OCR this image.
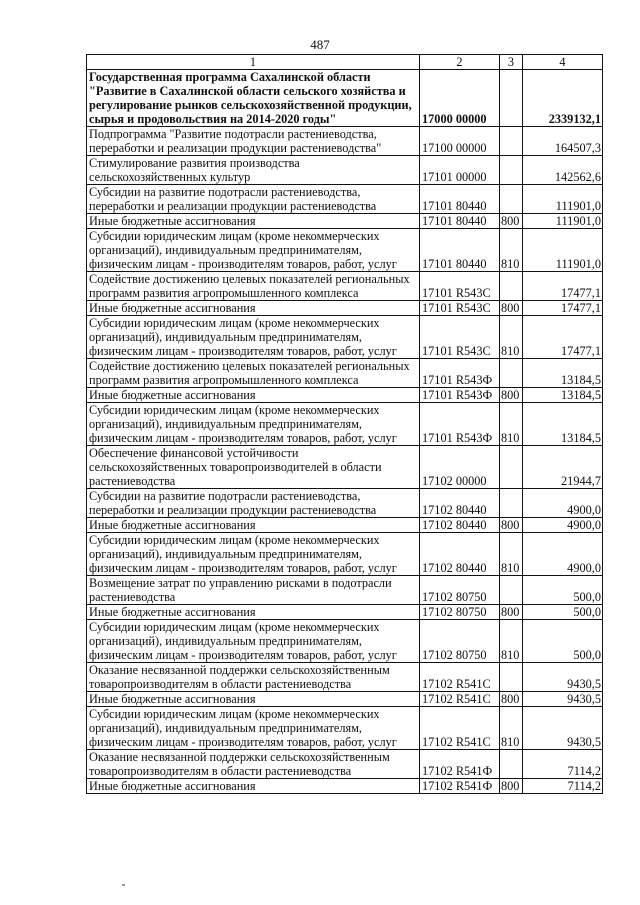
487
1	2	3	4
Государственная программа Сахалинской области "Развитие в Сахалинской области сельского хозяйства и регулирование рынков сельскохозяйственной продукции, сырья и продовольствия на 2014-2020 годы"	17000 00000		2339132,1
Подпрограмма "Развитие подотрасли растениеводства, переработки и реализации продукции растениеводства"	17100 00000		164507,3
Стимулирование развития производства сельскохозяйственных культур	17101 00000		142562,6
Субсидии на развитие подотрасли растениеводства, переработки и реализации продукции растениеводства	17101 80440		111901,0
Иные бюджетные ассигнования	17101 80440	800	111901,0
Субсидии юридическим лицам (кроме некоммерческих организаций), индивидуальным предпринимателям, физическим лицам - производителям товаров, работ, услуг	17101 80440	810	111901,0
Содействие достижению целевых показателей региональных программ развития агропромышленного комплекса	17101 R543С		17477,1
Иные бюджетные ассигнования	17101 R543С	800	17477,1
Субсидии юридическим лицам (кроме некоммерческих организаций), индивидуальным предпринимателям, физическим лицам - производителям товаров, работ, услуг	17101 R543С	810	17477,1
Содействие достижению целевых показателей региональных программ развития агропромышленного комплекса	17101 R543Ф		13184,5
Иные бюджетные ассигнования	17101 R543Ф	800	13184,5
Субсидии юридическим лицам (кроме некоммерческих организаций), индивидуальным предпринимателям, физическим лицам - производителям товаров, работ, услуг	17101 R543Ф	810	13184,5
Обеспечение финансовой устойчивости сельскохозяйственных товаропроизводителей в области растениеводства	17102 00000		21944,7
Субсидии на развитие подотрасли растениеводства, переработки и реализации продукции растениеводства	17102 80440		4900,0
Иные бюджетные ассигнования	17102 80440	800	4900,0
Субсидии юридическим лицам (кроме некоммерческих организаций), индивидуальным предпринимателям, физическим лицам - производителям товаров, работ, услуг	17102 80440	810	4900,0
Возмещение затрат по управлению рисками в подотрасли растениеводства	17102 80750		500,0
Иные бюджетные ассигнования	17102 80750	800	500,0
Субсидии юридическим лицам (кроме некоммерческих организаций), индивидуальным предпринимателям, физическим лицам - производителям товаров, работ, услуг	17102 80750	810	500,0
Оказание несвязанной поддержки сельскохозяйственным товаропроизводителям в области растениеводства	17102 R541С		9430,5
Иные бюджетные ассигнования	17102 R541С	800	9430,5
Субсидии юридическим лицам (кроме некоммерческих организаций), индивидуальным предпринимателям, физическим лицам - производителям товаров, работ, услуг	17102 R541С	810	9430,5
Оказание несвязанной поддержки сельскохозяйственным товаропроизводителям в области растениеводства	17102 R541Ф		7114,2
Иные бюджетные ассигнования	17102 R541Ф	800	7114,2
